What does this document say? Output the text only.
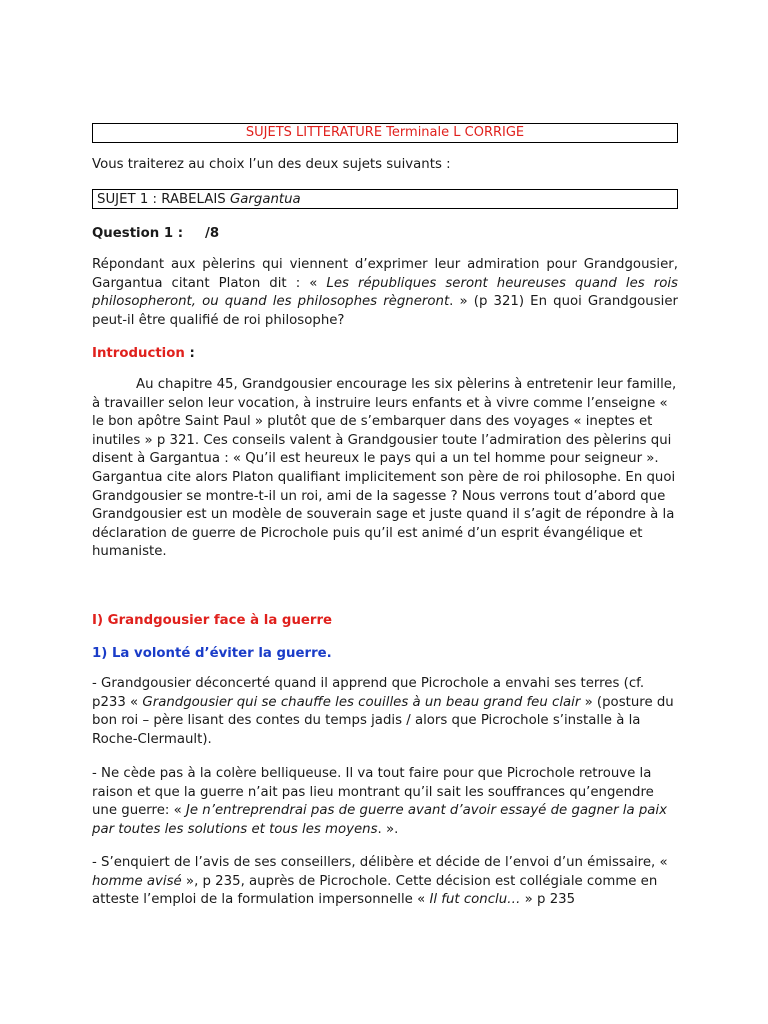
SUJETS LITTERATURE Terminale L CORRIGE
Vous traiterez au choix l’un des deux sujets suivants :
SUJET 1 : RABELAIS Gargantua
Question 1 : /8
Répondant aux pèlerins qui viennent d’exprimer leur admiration pour Grandgousier, Gargantua citant Platon dit : « Les républiques seront heureuses quand les rois philosopheront, ou quand les philosophes règneront. » (p 321) En quoi Grandgousier peut-il être qualifié de roi philosophe?
Introduction :
Au chapitre 45, Grandgousier encourage les six pèlerins à entretenir leur famille, à travailler selon leur vocation, à instruire leurs enfants et à vivre comme l’enseigne « le bon apôtre Saint Paul » plutôt que de s’embarquer dans des voyages « ineptes et inutiles » p 321. Ces conseils valent à Grandgousier toute l’admiration des pèlerins qui disent à Gargantua : « Qu’il est heureux le pays qui a un tel homme pour seigneur ». Gargantua cite alors Platon qualifiant implicitement son père de roi philosophe. En quoi Grandgousier se montre-t-il un roi, ami de la sagesse ? Nous verrons tout d’abord que Grandgousier est un modèle de souverain sage et juste quand il s’agit de répondre à la déclaration de guerre de Picrochole puis qu’il est animé d’un esprit évangélique et humaniste.
I) Grandgousier face à la guerre
1) La volonté d’éviter la guerre.
- Grandgousier déconcerté quand il apprend que Picrochole a envahi ses terres (cf. p233 « Grandgousier qui se chauffe les couilles à un beau grand feu clair » (posture du bon roi – père lisant des contes du temps jadis / alors que Picrochole s’installe à la Roche-Clermault).
- Ne cède pas à la colère belliqueuse. Il va tout faire pour que Picrochole retrouve la raison et que la guerre n’ait pas lieu montrant qu’il sait les souffrances qu’engendre une guerre: « Je n’entreprendrai pas de guerre avant d’avoir essayé de gagner la paix par toutes les solutions et tous les moyens. ».
- S’enquiert de l’avis de ses conseillers, délibère et décide de l’envoi d’un émissaire, « homme avisé », p 235, auprès de Picrochole. Cette décision est collégiale comme en atteste l’emploi de la formulation impersonnelle « Il fut conclu… » p 235
